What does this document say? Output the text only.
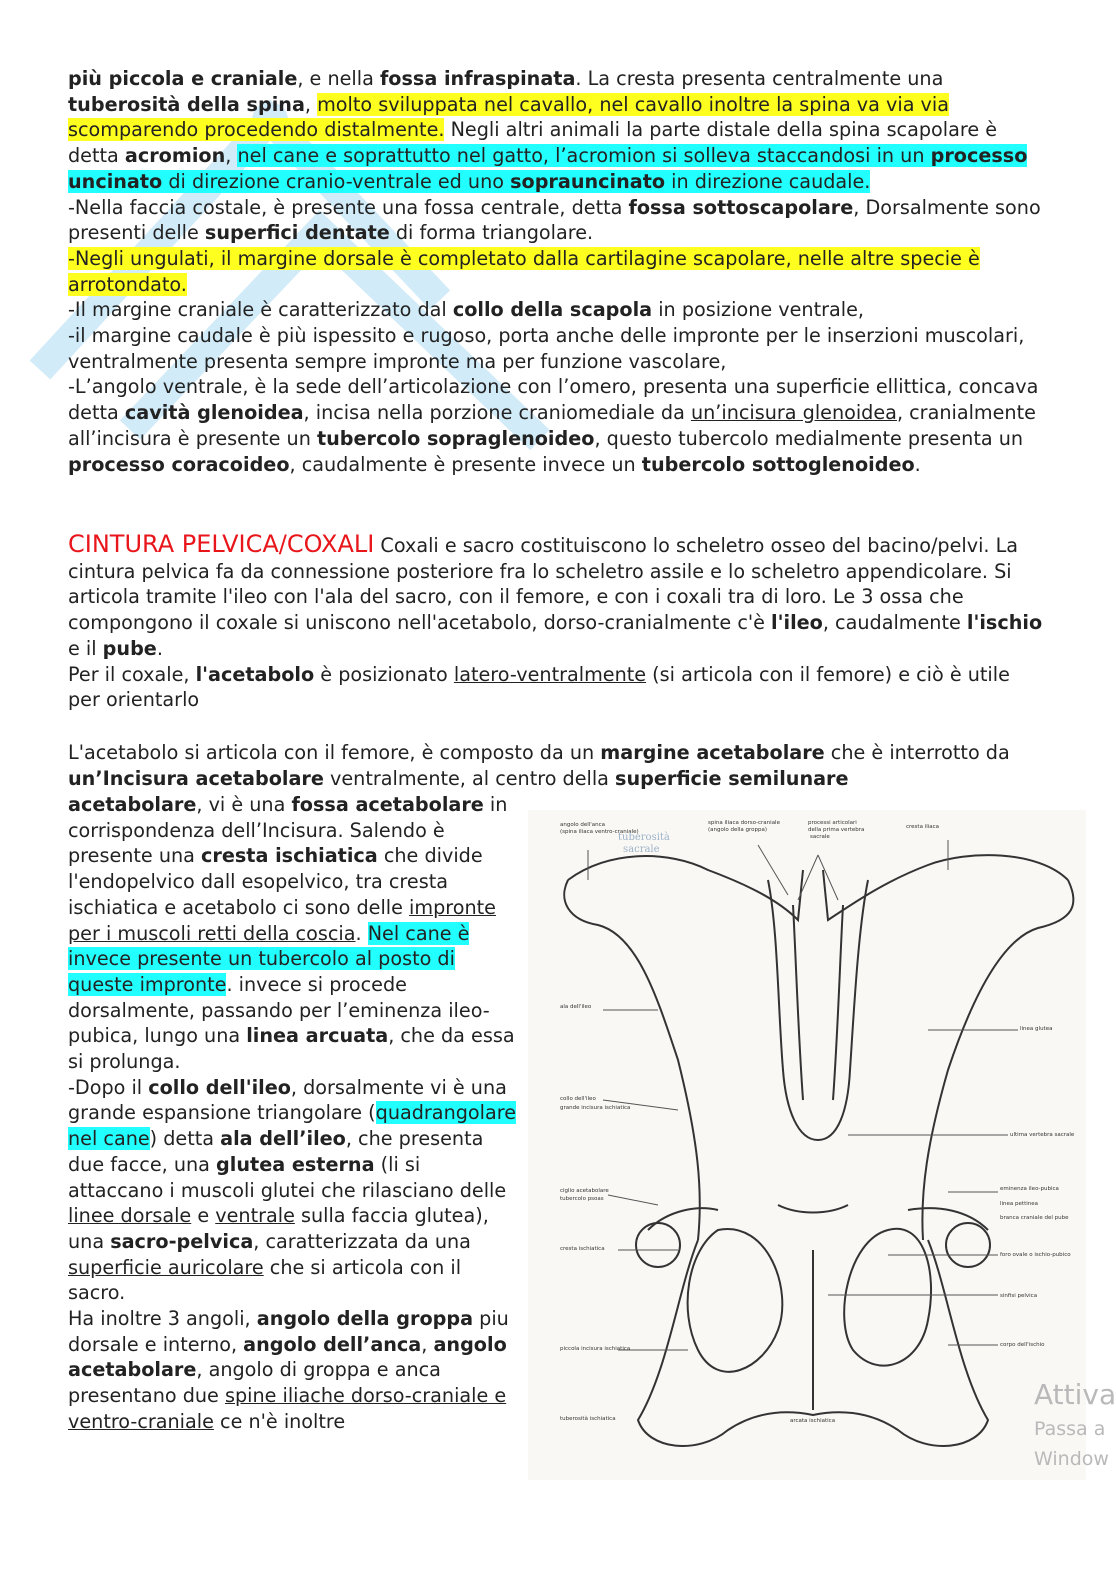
più piccola e craniale, e nella fossa infraspinata. La cresta presenta centralmente una tuberosità della spina, molto sviluppata nel cavallo, nel cavallo inoltre la spina va via via scomparendo procedendo distalmente. Negli altri animali la parte distale della spina scapolare è detta acromion, nel cane e soprattutto nel gatto, l’acromion si solleva staccandosi in un processo uncinato di direzione cranio-ventrale ed uno soprauncinato in direzione caudale.

-Nella faccia costale, è presente una fossa centrale, detta fossa sottoscapolare, Dorsalmente sono presenti delle superfici dentate di forma triangolare.

-Negli ungulati, il margine dorsale è completato dalla cartilagine scapolare, nelle altre specie è arrotondato.

-Il margine craniale è caratterizzato dal collo della scapola in posizione ventrale,

-il margine caudale è più ispessito e rugoso, porta anche delle impronte per le inserzioni muscolari, ventralmente presenta sempre impronte ma per funzione vascolare,

-L’angolo ventrale, è la sede dell’articolazione con l’omero, presenta una superficie ellittica, concava detta cavità glenoidea, incisa nella porzione craniomediale da un’incisura glenoidea, cranialmente all’incisura è presente un tubercolo sopraglenoideo, questo tubercolo medialmente presenta un processo coracoideo, caudalmente è presente invece un tubercolo sottoglenoideo.

CINTURA PELVICA/COXALI Coxali e sacro costituiscono lo scheletro osseo del bacino/pelvi. La cintura pelvica fa da connessione posteriore fra lo scheletro assile e lo scheletro appendicolare. Si articola tramite l'ileo con l'ala del sacro, con il femore, e con i coxali tra di loro. Le 3 ossa che compongono il coxale si uniscono nell'acetabolo, dorso-cranialmente c'è l'ileo, caudalmente l'ischio e il pube.

Per il coxale, l'acetabolo è posizionato latero-ventralmente (si articola con il femore) e ciò è utile per orientarlo

L'acetabolo si articola con il femore, è composto da un margine acetabolare che è interrotto da un’Incisura acetabolare ventralmente, al centro della superficie semilunare

acetabolare, vi è una fossa acetabolare in corrispondenza dell’Incisura. Salendo è presente una cresta ischiatica che divide l'endopelvico dall esopelvico, tra cresta ischiatica e acetabolo ci sono delle impronte per i muscoli retti della coscia. Nel cane è invece presente un tubercolo al posto di queste impronte. invece si procede dorsalmente, passando per l’eminenza ileo-pubica, lungo una linea arcuata, che da essa si prolunga.

-Dopo il collo dell'ileo, dorsalmente vi è una grande espansione triangolare (quadrangolare nel cane) detta ala dell’ileo, che presenta due facce, una glutea esterna (li si attaccano i muscoli glutei che rilasciano delle linee dorsale e ventrale sulla faccia glutea), una sacro-pelvica, caratterizzata da una superficie auricolare che si articola con il sacro.

Ha inoltre 3 angoli, angolo della groppa piu dorsale e interno, angolo dell’anca, angolo acetabolare, angolo di groppa e anca presentano due spine iliache dorso-craniale e ventro-craniale ce n'è inoltre

angolo dell'anca
(spina iliaca ventro-craniale)
spina iliaca dorso-craniale
(angolo della groppa)
processi articolari
della prima vertebra
sacrale
cresta iliaca
ala dell'ileo
collo dell'ileo
grande incisura ischiatica
ciglio acetabolare
tubercolo psoas
cresta ischiatica
piccola incisura ischiatica
tuberosità ischiatica
linea glutea
ultima vertebra sacrale
eminenza ileo-pubica
linea pettinea
branca craniale del pube
foro ovale o ischio-pubico
sinfisi pelvica
corpo dell'ischio
arcata ischiatica
tuberosità
sacrale
Attiva
Passa a
Window
